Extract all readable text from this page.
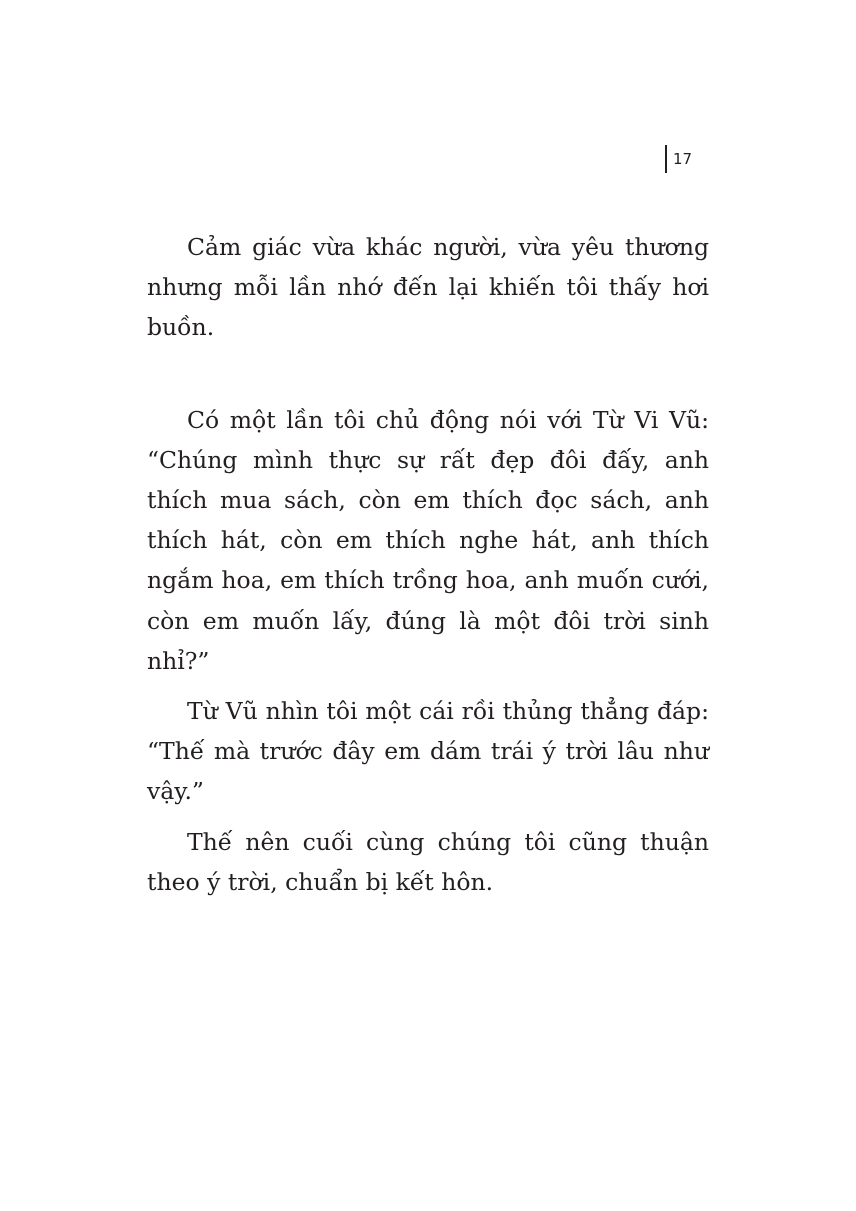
17

Cảm giác vừa khác người, vừa yêu thương nhưng mỗi lần nhớ đến lại khiến tôi thấy hơi buồn.

Có một lần tôi chủ động nói với Từ Vi Vũ: “Chúng mình thực sự rất đẹp đôi đấy, anh thích mua sách, còn em thích đọc sách, anh thích hát, còn em thích nghe hát, anh thích ngắm hoa, em thích trồng hoa, anh muốn cưới, còn em muốn lấy, đúng là một đôi trời sinh nhỉ?”

Từ Vũ nhìn tôi một cái rồi thủng thẳng đáp: “Thế mà trước đây em dám trái ý trời lâu như vậy.”

Thế nên cuối cùng chúng tôi cũng thuận theo ý trời, chuẩn bị kết hôn.
